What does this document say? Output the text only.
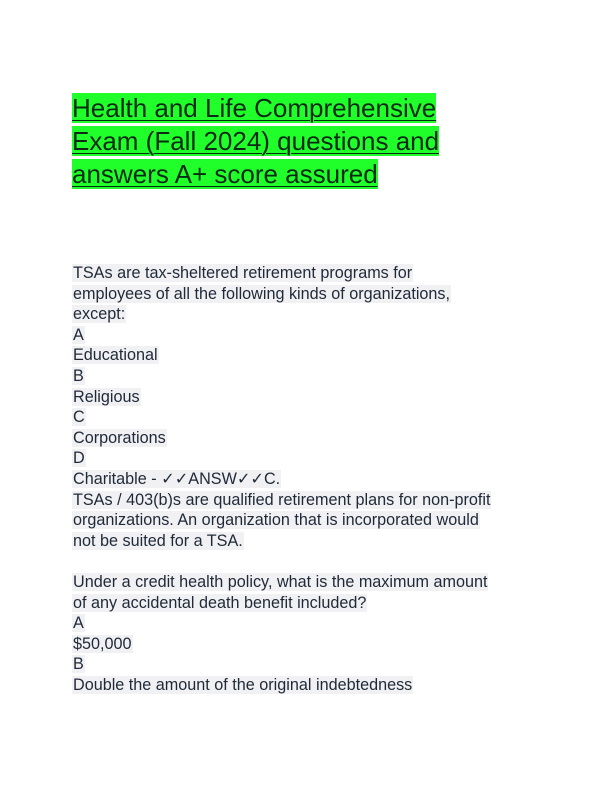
Health and Life Comprehensive
Exam (Fall 2024) questions and
answers A+ score assured
TSAs are tax-sheltered retirement programs for
employees of all the following kinds of organizations,
except:
A
Educational
B
Religious
C
Corporations
D
Charitable - ✓✓ANSW✓✓C.
TSAs / 403(b)s are qualified retirement plans for non-profit
organizations. An organization that is incorporated would
not be suited for a TSA.
Under a credit health policy, what is the maximum amount
of any accidental death benefit included?
A
$50,000
B
Double the amount of the original indebtedness
